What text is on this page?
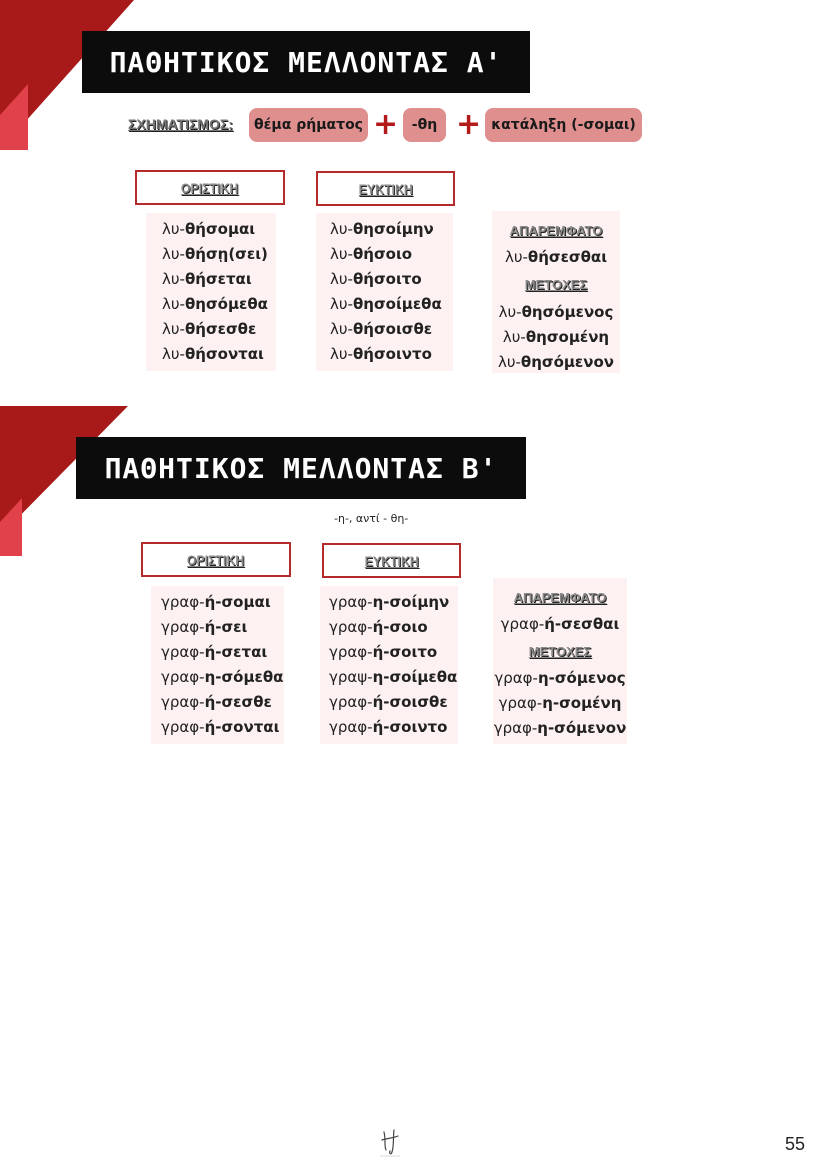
ΠΑΘΗΤΙΚΟΣ ΜΕΛΛΟΝΤΑΣ Α'
ΣΧΗΜΑΤΙΣΜΟΣ:	θέμα ρήματος + -θη + κατάληξη (-σομαι)
ΟΡΙΣΤΙΚΗ
λυ-θήσομαι
λυ-θήσῃ(σει)
λυ-θήσεται
λυ-θησόμεθα
λυ-θήσεσθε
λυ-θήσονται
ΕΥΚΤΙΚΗ
λυ-θησοίμην
λυ-θήσοιο
λυ-θήσοιτο
λυ-θησοίμεθα
λυ-θήσοισθε
λυ-θήσοιντο
ΑΠΑΡΕΜΦΑΤΟ
λυ-θήσεσθαι
ΜΕΤΟΧΕΣ
λυ-θησόμενος
λυ-θησομένη
λυ-θησόμενον
ΠΑΘΗΤΙΚΟΣ ΜΕΛΛΟΝΤΑΣ Β'
-η-, αντί - θη-
ΟΡΙΣΤΙΚΗ
γραφ-ή-σομαι
γραφ-ή-σει
γραφ-ή-σεται
γραφ-η-σόμεθα
γραφ-ή-σεσθε
γραφ-ή-σονται
ΕΥΚΤΙΚΗ
γραφ-η-σοίμην
γραφ-ή-σοιο
γραφ-ή-σοιτο
γραψ-η-σοίμεθα
γραφ-ή-σοισθε
γραφ-ή-σοιντο
ΑΠΑΡΕΜΦΑΤΟ
γραφ-ή-σεσθαι
ΜΕΤΟΧΕΣ
γραφ-η-σόμενος
γραφ-η-σομένη
γραφ-η-σόμενον
55
